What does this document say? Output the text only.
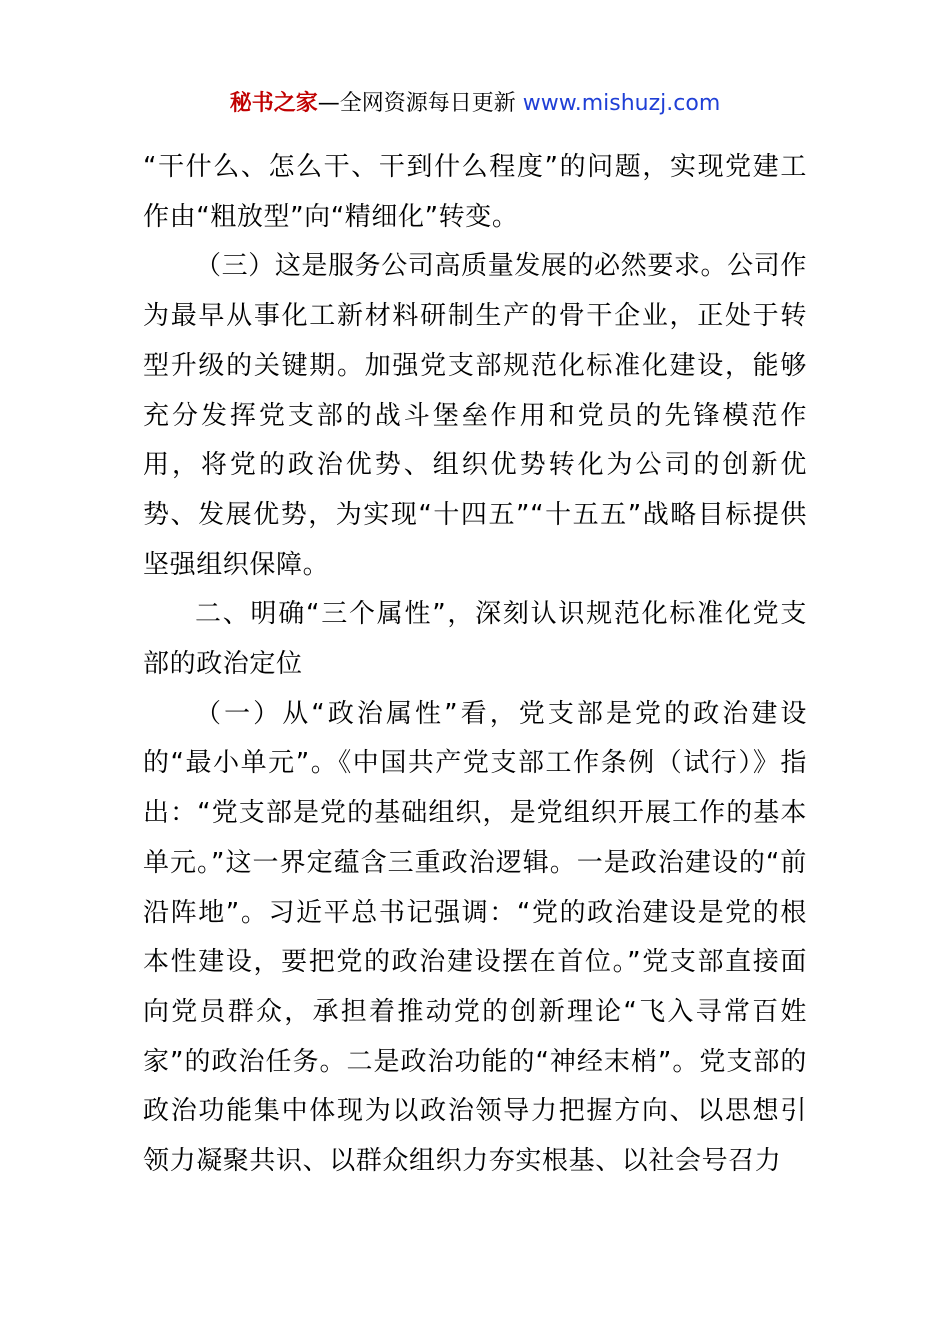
秘书之家—全网资源每日更新 www.mishuzj.com

“干什么、怎么干、干到什么程度”的问题，实现党建工作由“粗放型”向“精细化”转变。

（三）这是服务公司高质量发展的必然要求。公司作为最早从事化工新材料研制生产的骨干企业，正处于转型升级的关键期。加强党支部规范化标准化建设，能够充分发挥党支部的战斗堡垒作用和党员的先锋模范作用，将党的政治优势、组织优势转化为公司的创新优势、发展优势，为实现“十四五”“十五五”战略目标提供坚强组织保障。

二、明确“三个属性”，深刻认识规范化标准化党支部的政治定位

（一）从“政治属性”看，党支部是党的政治建设的“最小单元”。《中国共产党支部工作条例（试行）》指出：“党支部是党的基础组织，是党组织开展工作的基本单元。”这一界定蕴含三重政治逻辑。一是政治建设的“前沿阵地”。习近平总书记强调：“党的政治建设是党的根本性建设，要把党的政治建设摆在首位。”党支部直接面向党员群众，承担着推动党的创新理论“飞入寻常百姓家”的政治任务。二是政治功能的“神经末梢”。党支部的政治功能集中体现为以政治领导力把握方向、以思想引领力凝聚共识、以群众组织力夯实根基、以社会号召力
